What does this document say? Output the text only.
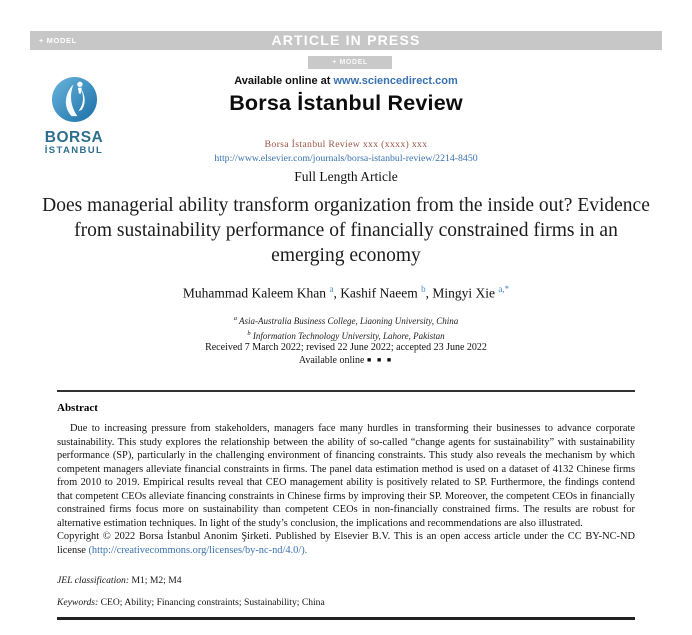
+ MODEL	ARTICLE IN PRESS
+ MODEL
BORSA
İSTANBUL
Available online at www.sciencedirect.com
Borsa İstanbul Review
Borsa İstanbul Review xxx (xxxx) xxx
http://www.elsevier.com/journals/borsa-istanbul-review/2214-8450
Full Length Article
Does managerial ability transform organization from the inside out? Evidence from sustainability performance of financially constrained firms in an emerging economy
Muhammad Kaleem Khan $^a$, Kashif Naeem $^b$, Mingyi Xie $^{a,*}$
$^a$ Asia-Australia Business College, Liaoning University, China
$^b$ Information Technology University, Lahore, Pakistan
Received 7 March 2022; revised 22 June 2022; accepted 23 June 2022
Available online ■ ■ ■
Abstract

Due to increasing pressure from stakeholders, managers face many hurdles in transforming their businesses to advance corporate sustainability. This study explores the relationship between the ability of so-called “change agents for sustainability” with sustainability performance (SP), particularly in the challenging environment of financing constraints. This study also reveals the mechanism by which competent managers alleviate financial constraints in firms. The panel data estimation method is used on a dataset of 4132 Chinese firms from 2010 to 2019. Empirical results reveal that CEO management ability is positively related to SP. Furthermore, the findings contend that competent CEOs alleviate financing constraints in Chinese firms by improving their SP. Moreover, the competent CEOs in financially constrained firms focus more on sustainability than competent CEOs in non-financially constrained firms. The results are robust for alternative estimation techniques. In light of the study’s conclusion, the implications and recommendations are also illustrated.

Copyright © 2022 Borsa İstanbul Anonim Şirketi. Published by Elsevier B.V. This is an open access article under the CC BY-NC-ND license (http://creativecommons.org/licenses/by-nc-nd/4.0/).

JEL classification: M1; M2; M4
Keywords: CEO; Ability; Financing constraints; Sustainability; China
